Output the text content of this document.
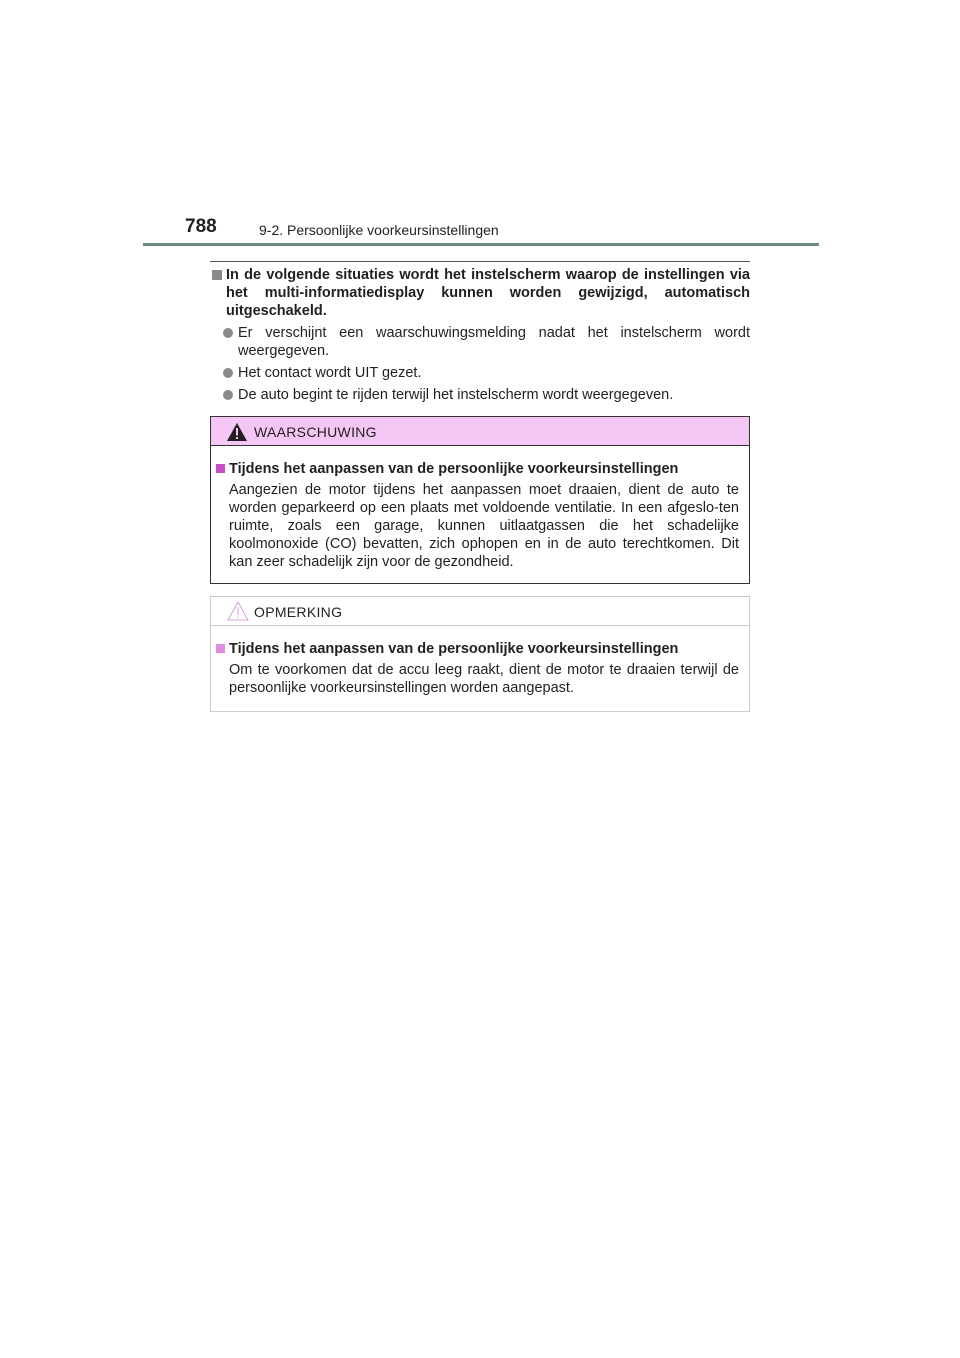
788	9-2. Persoonlijke voorkeursinstellingen
In de volgende situaties wordt het instelscherm waarop de instellingen via het multi-informatiedisplay kunnen worden gewijzigd, automatisch uitgeschakeld.
Er verschijnt een waarschuwingsmelding nadat het instelscherm wordt weergegeven.
Het contact wordt UIT gezet.
De auto begint te rijden terwijl het instelscherm wordt weergegeven.
WAARSCHUWING
Tijdens het aanpassen van de persoonlijke voorkeursinstellingen
Aangezien de motor tijdens het aanpassen moet draaien, dient de auto te worden geparkeerd op een plaats met voldoende ventilatie. In een afgeslo-ten ruimte, zoals een garage, kunnen uitlaatgassen die het schadelijke koolmonoxide (CO) bevatten, zich ophopen en in de auto terechtkomen. Dit kan zeer schadelijk zijn voor de gezondheid.
OPMERKING
Tijdens het aanpassen van de persoonlijke voorkeursinstellingen
Om te voorkomen dat de accu leeg raakt, dient de motor te draaien terwijl de persoonlijke voorkeursinstellingen worden aangepast.
